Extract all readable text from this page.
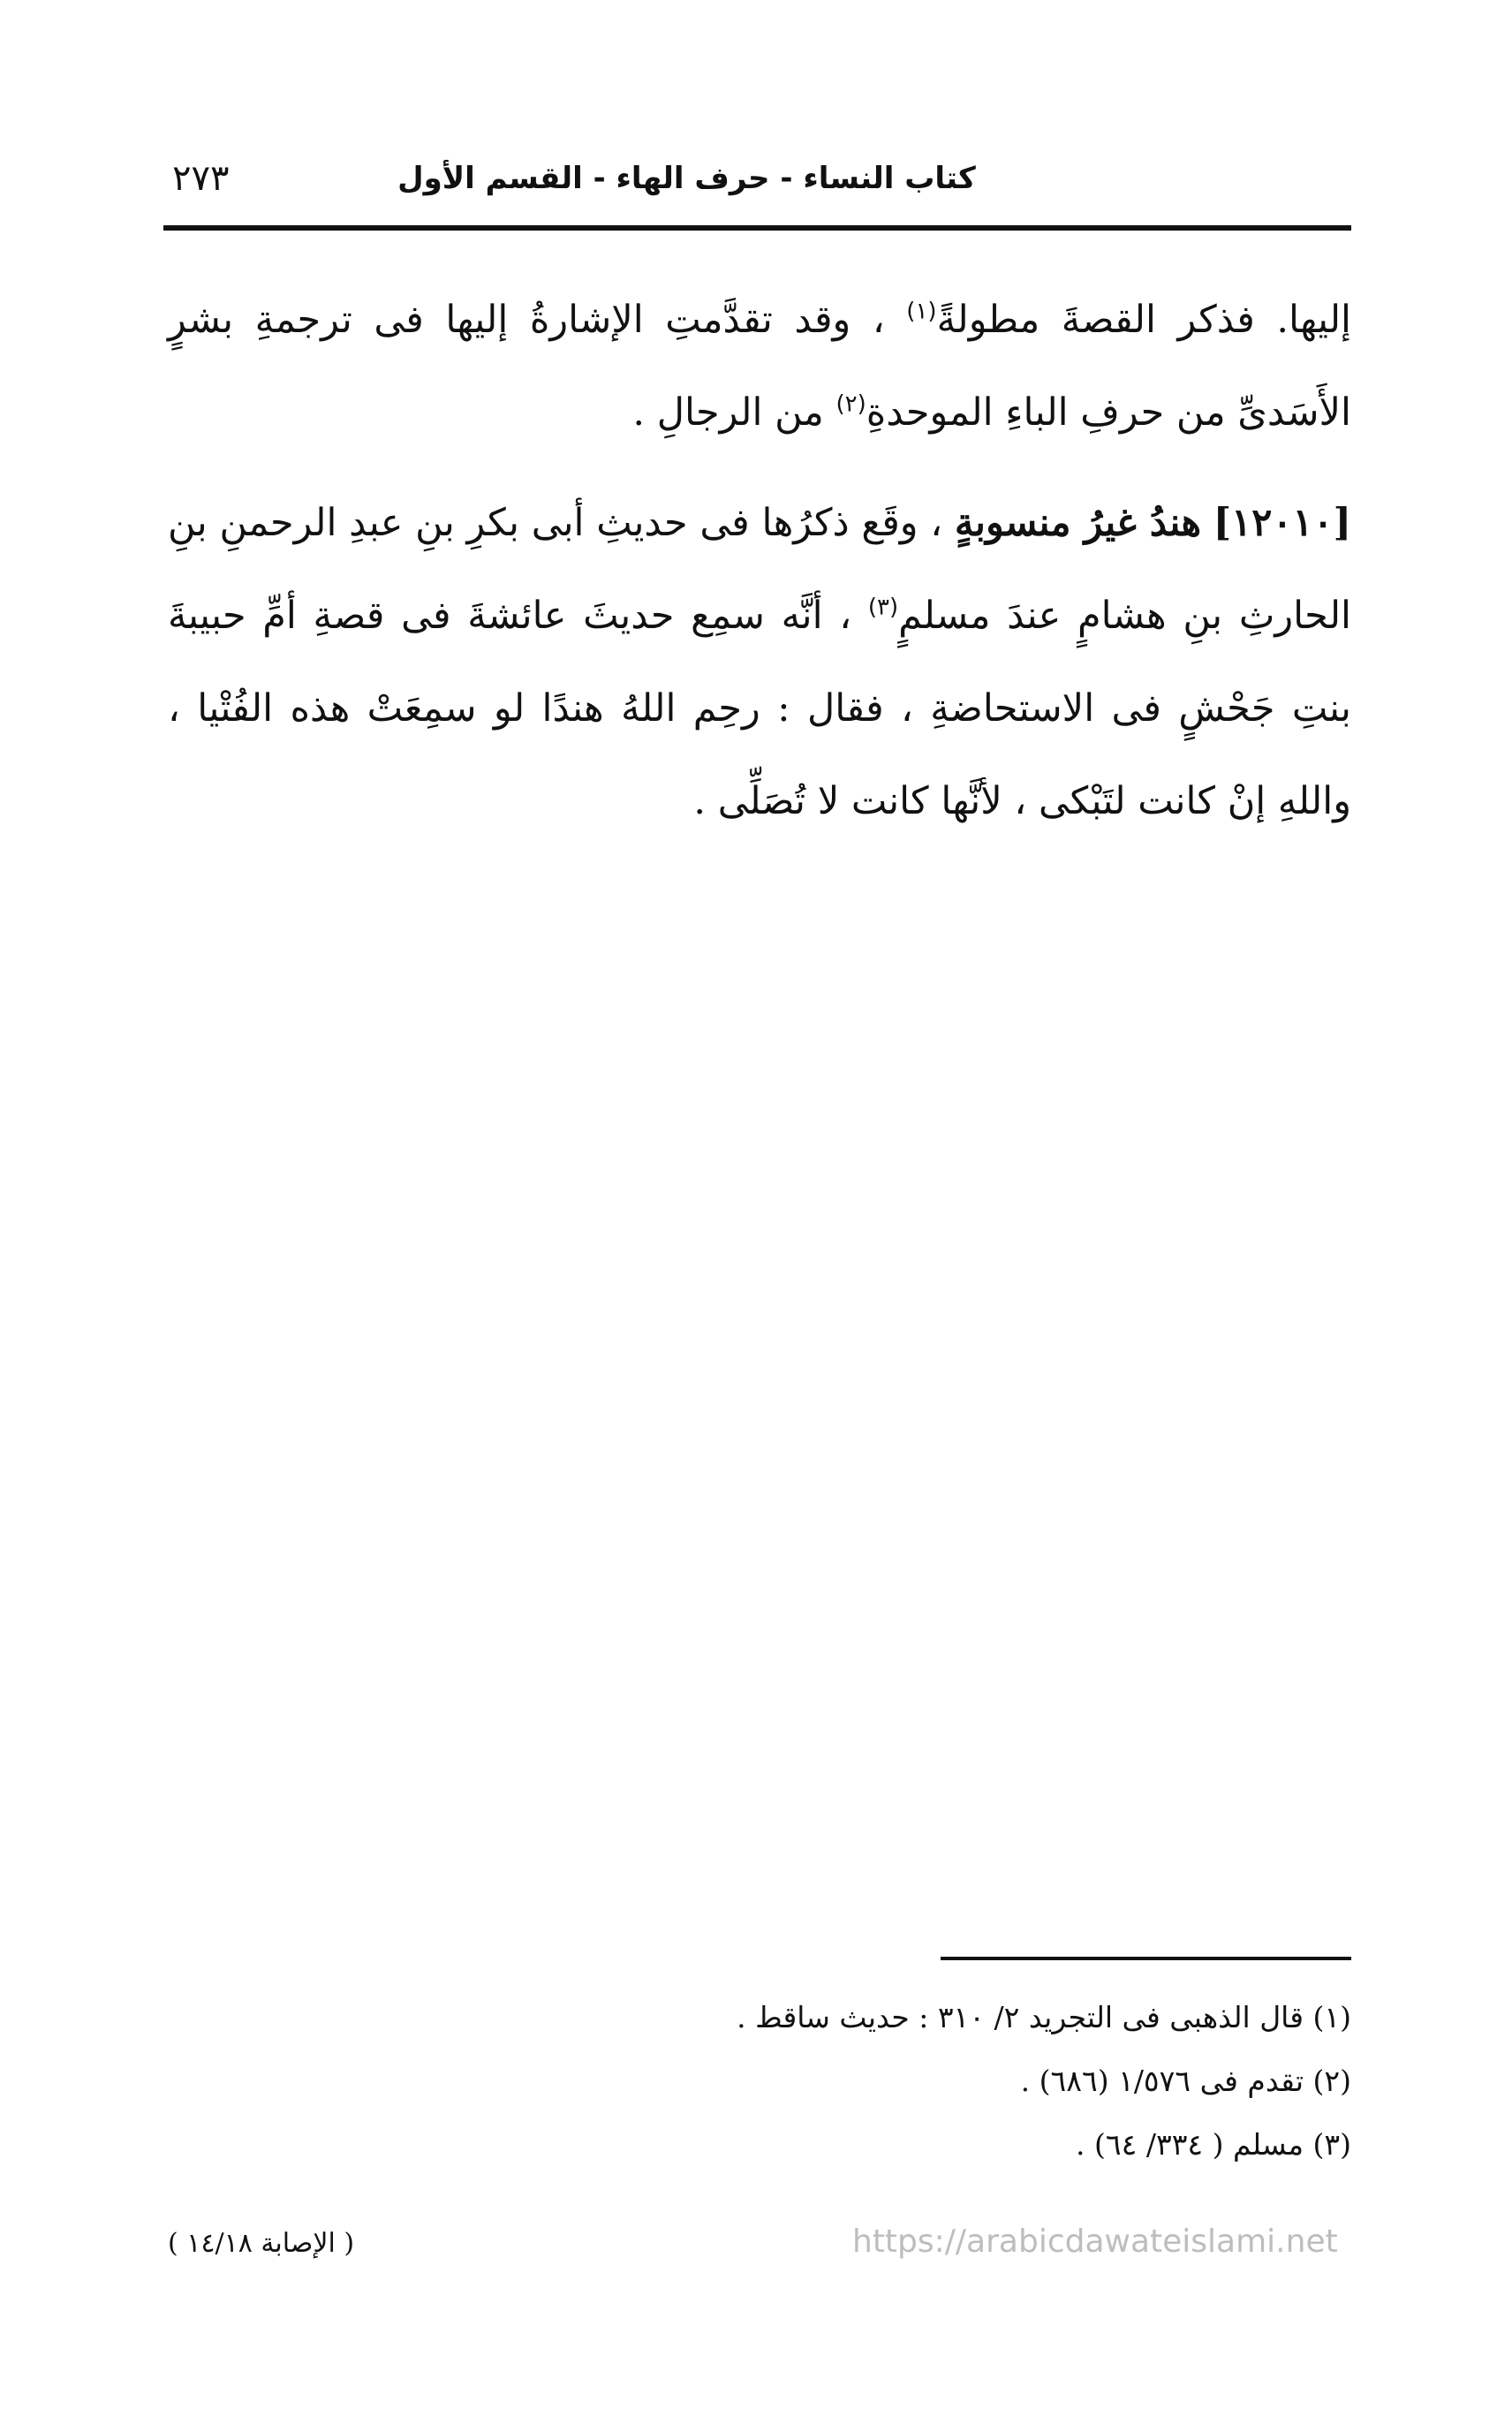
٢٧٣	كتاب النساء - حرف الهاء - القسم الأول

إليها. فذكر القصةَ مطولةً$^{(١)}$ ، وقد تقدَّمتِ الإشارةُ إليها فى ترجمةِ بشرٍ الأَسَدىِّ من حرفِ الباءِ الموحدةِ$^{(٢)}$ من الرجالِ .

[١٢٠١٠] هندُ غيرُ منسوبةٍ ، وقَع ذكرُها فى حديثِ أبى بكرِ بنِ عبدِ الرحمنِ بنِ الحارثِ بنِ هشامٍ عندَ مسلمٍ$^{(٣)}$ ، أنَّه سمِع حديثَ عائشةَ فى قصةِ أمِّ حبيبةَ بنتِ جَحْشٍ فى الاستحاضةِ ، فقال : رحِم اللهُ هندًا لو سمِعَتْ هذه الفُتْيا ، واللهِ إنْ كانت لتَبْكى ، لأنَّها كانت لا تُصَلِّى .

(١) قال الذهبى فى التجريد ٢/ ٣١٠ : حديث ساقط .

(٢) تقدم فى ١/٥٧٦ (٦٨٦) .

(٣) مسلم ( ٣٣٤/ ٦٤) .

( الإصابة ١٤/١٨ )	https://arabicdawateislami.net
